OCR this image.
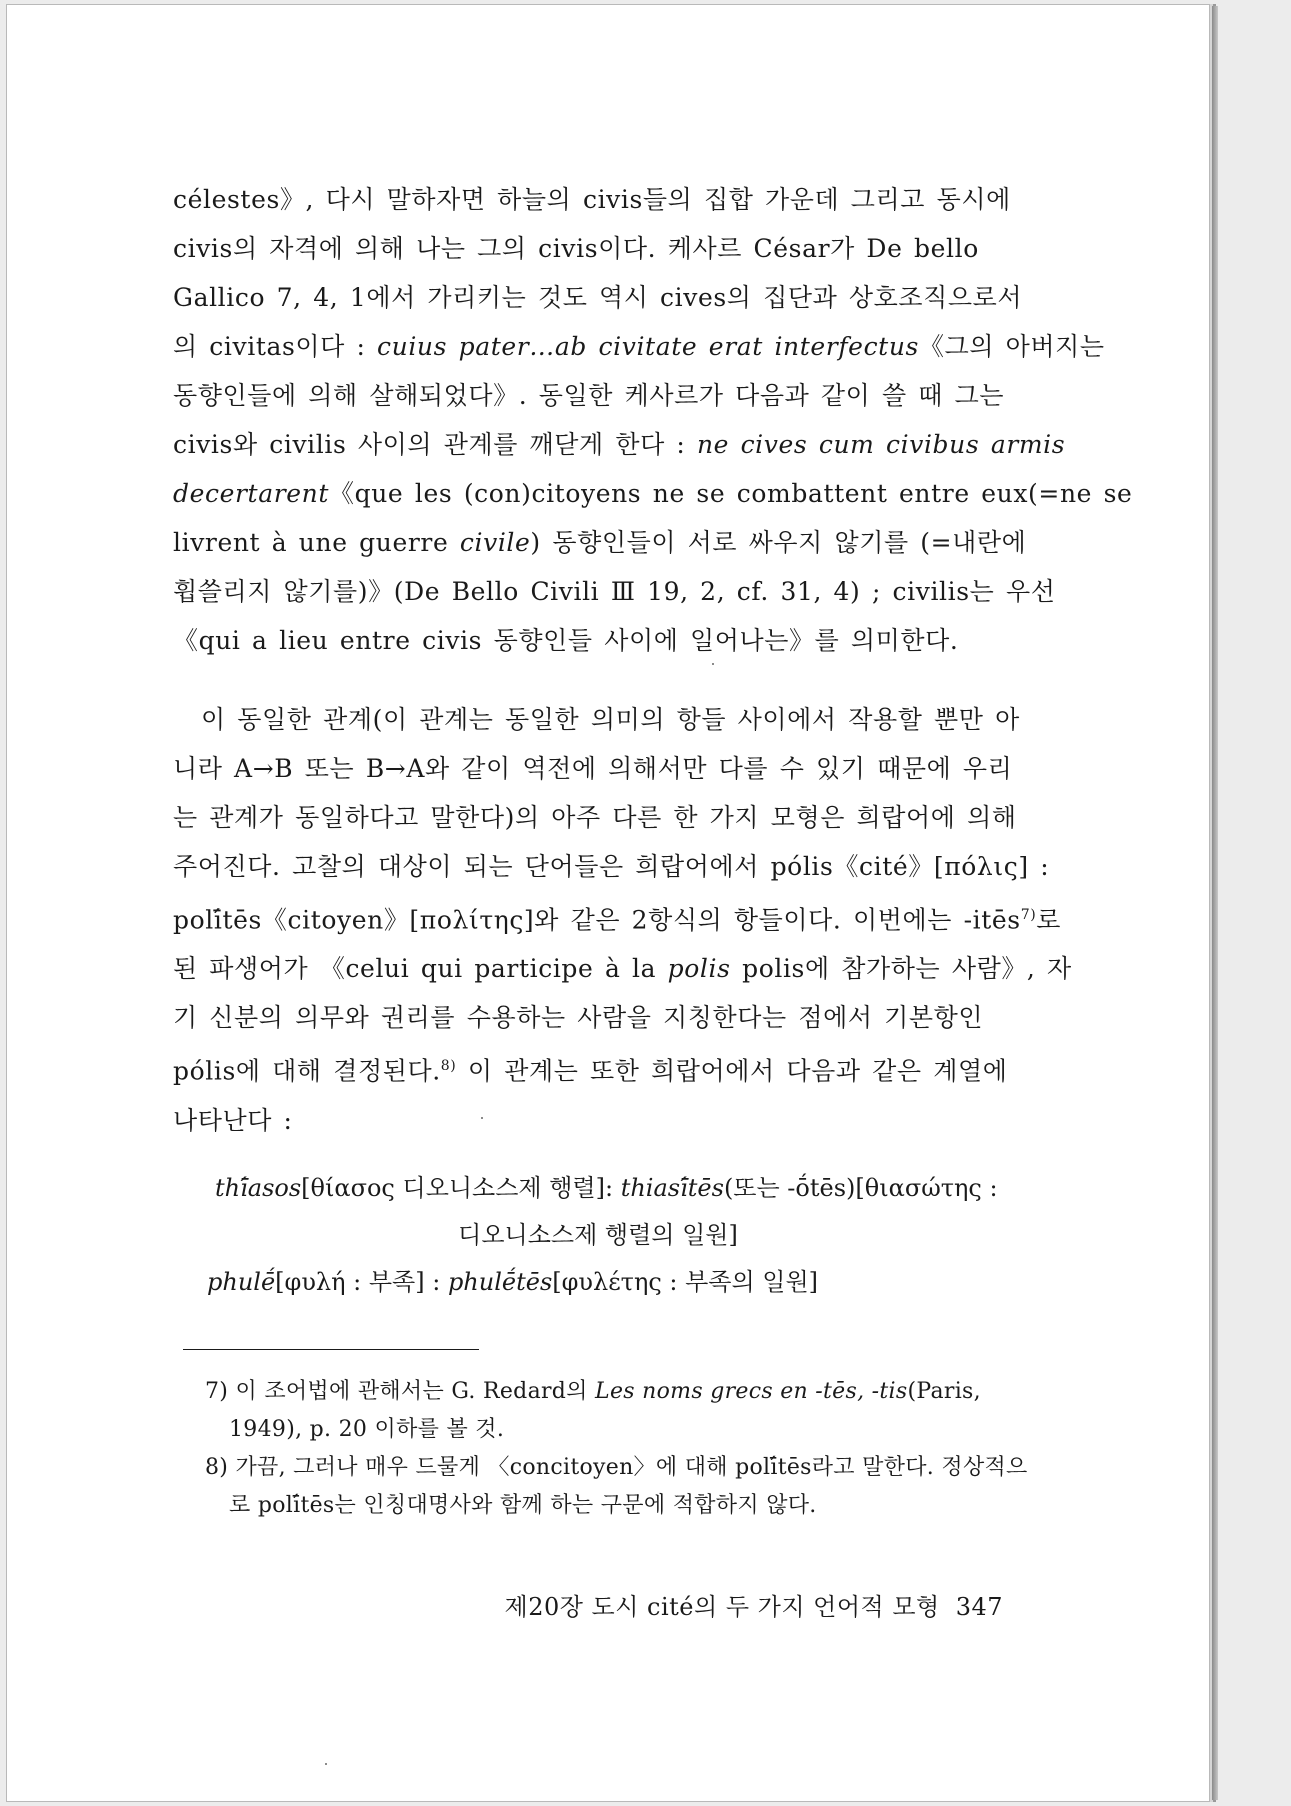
célestes》, 다시 말하자면 하늘의 civis들의 집합 가운데 그리고 동시에
civis의 자격에 의해 나는 그의 civis이다. 케사르 César가 De bello
Gallico 7, 4, 1에서 가리키는 것도 역시 cives의 집단과 상호조직으로서
의 civitas이다 : cuius pater…ab civitate erat interfectus《그의 아버지는
동향인들에 의해 살해되었다》. 동일한 케사르가 다음과 같이 쓸 때 그는
civis와 civilis 사이의 관계를 깨닫게 한다 : ne cives cum civibus armis
decertarent《que les (con)citoyens ne se combattent entre eux(=ne se
livrent à une guerre civile) 동향인들이 서로 싸우지 않기를 (=내란에
휩쓸리지 않기를)》(De Bello Civili Ⅲ 19, 2, cf. 31, 4) ; civilis는 우선
《qui a lieu entre civis 동향인들 사이에 일어나는》를 의미한다.

이 동일한 관계(이 관계는 동일한 의미의 항들 사이에서 작용할 뿐만 아
니라 A→B 또는 B→A와 같이 역전에 의해서만 다를 수 있기 때문에 우리
는 관계가 동일하다고 말한다)의 아주 다른 한 가지 모형은 희랍어에 의해
주어진다. 고찰의 대상이 되는 단어들은 희랍어에서 pólis《cité》[πόλις] :
polī́tēs《citoyen》[πολίτης]와 같은 2항식의 항들이다. 이번에는 -itēs$^{7)}$로
된 파생어가 《celui qui participe à la polis polis에 참가하는 사람》, 자
기 신분의 의무와 권리를 수용하는 사람을 지칭한다는 점에서 기본항인
pólis에 대해 결정된다.$^{8)}$ 이 관계는 또한 희랍어에서 다음과 같은 계열에
나타난다 :

thī́asos[θίασος 디오니소스제 행렬]: thiasī́tēs(또는 -ṓtēs)[θιασώτης :
디오니소스제 행렬의 일원]
phulḗ[φυλή : 부족] : phulḗtēs[φυλέτης : 부족의 일원]
7) 이 조어법에 관해서는 G. Redard의 Les noms grecs en -tēs, -tis(Paris,
1949), p. 20 이하를 볼 것.
8) 가끔, 그러나 매우 드물게 〈concitoyen〉에 대해 polī́tēs라고 말한다. 정상적으
로 polī́tēs는 인칭대명사와 함께 하는 구문에 적합하지 않다.
제20장 도시 cité의 두 가지 언어적 모형 347
